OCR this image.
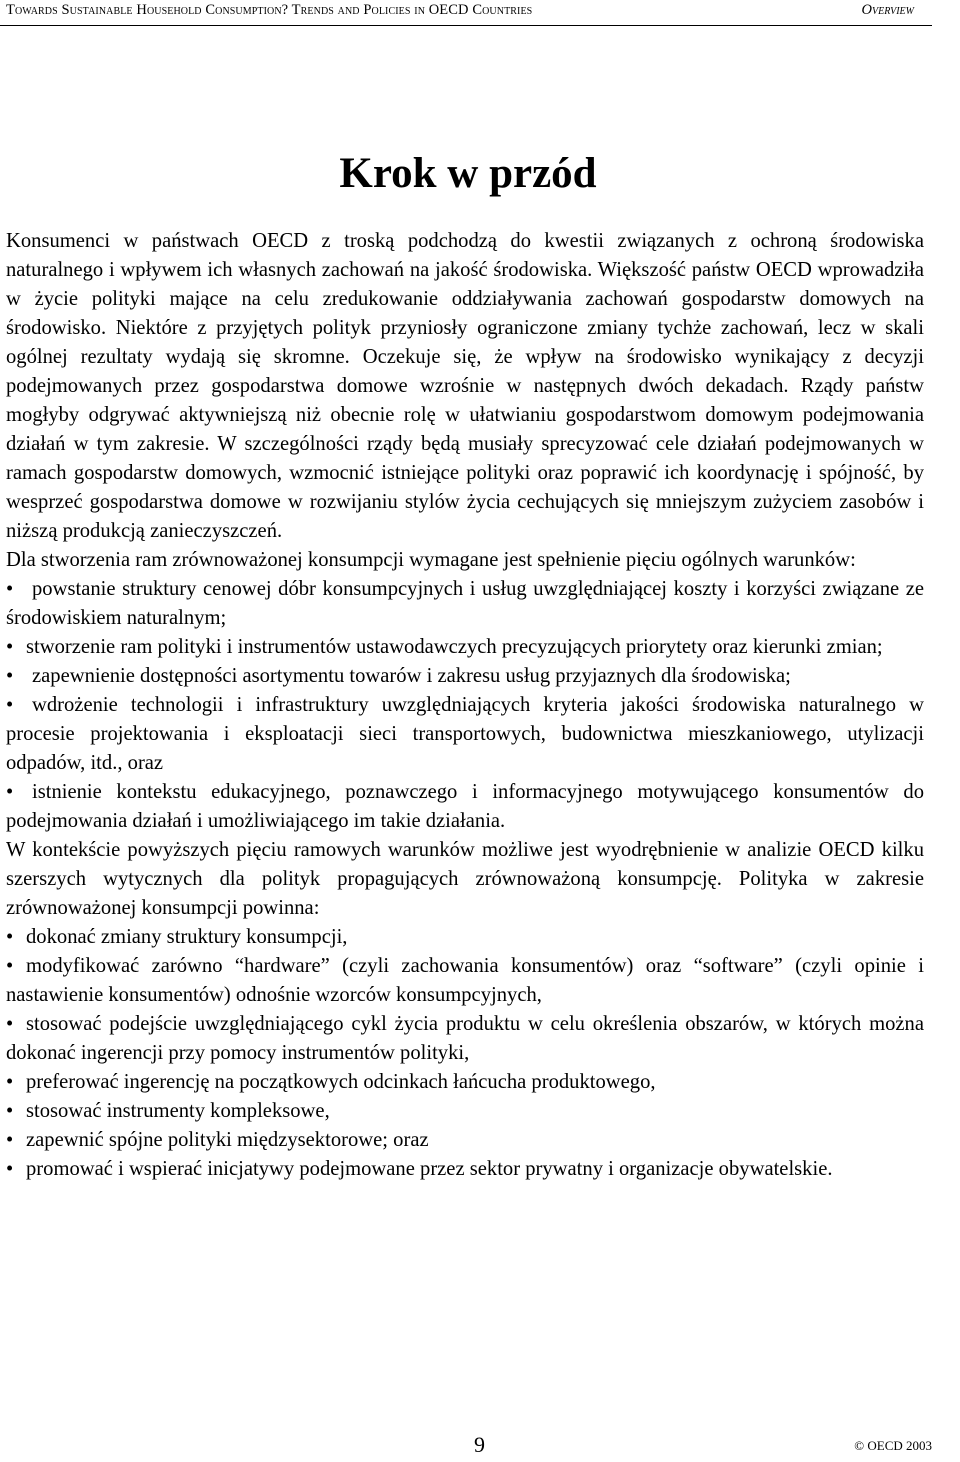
Towards Sustainable Household Consumption? Trends and Policies in OECD Countries	Overview
Krok w przód

Konsumenci w państwach OECD z troską podchodzą do kwestii związanych z ochroną środowiska naturalnego i wpływem ich własnych zachowań na jakość środowiska. Większość państw OECD wprowadziła w życie polityki mające na celu zredukowanie oddziaływania zachowań gospodarstw domowych na środowisko. Niektóre z przyjętych polityk przyniosły ograniczone zmiany tychże zachowań, lecz w skali ogólnej rezultaty wydają się skromne. Oczekuje się, że wpływ na środowisko wynikający z decyzji podejmowanych przez gospodarstwa domowe wzrośnie w następnych dwóch dekadach. Rządy państw mogłyby odgrywać aktywniejszą niż obecnie rolę w ułatwianiu gospodarstwom domowym podejmowania działań w tym zakresie. W szczególności rządy będą musiały sprecyzować cele działań podejmowanych w ramach gospodarstw domowych, wzmocnić istniejące polityki oraz poprawić ich koordynację i spójność, by wesprzeć gospodarstwa domowe w rozwijaniu stylów życia cechujących się mniejszym zużyciem zasobów i niższą produkcją zanieczyszczeń.

Dla stworzenia ram zrównoważonej konsumpcji wymagane jest spełnienie pięciu ogólnych warunków:

• powstanie struktury cenowej dóbr konsumpcyjnych i usług uwzględniającej koszty i korzyści związane ze środowiskiem naturalnym;
• stworzenie ram polityki i instrumentów ustawodawczych precyzujących priorytety oraz kierunki zmian;
• zapewnienie dostępności asortymentu towarów i zakresu usług przyjaznych dla środowiska;
• wdrożenie technologii i infrastruktury uwzględniających kryteria jakości środowiska naturalnego w procesie projektowania i eksploatacji sieci transportowych, budownictwa mieszkaniowego, utylizacji odpadów, itd., oraz
• istnienie kontekstu edukacyjnego, poznawczego i informacyjnego motywującego konsumentów do podejmowania działań i umożliwiającego im takie działania.

W kontekście powyższych pięciu ramowych warunków możliwe jest wyodrębnienie w analizie OECD kilku szerszych wytycznych dla polityk propagujących zrównoważoną konsumpcję. Polityka w zakresie zrównoważonej konsumpcji powinna:

• dokonać zmiany struktury konsumpcji,
• modyfikować zarówno “hardware” (czyli zachowania konsumentów) oraz “software” (czyli opinie i nastawienie konsumentów) odnośnie wzorców konsumpcyjnych,
• stosować podejście uwzględniającego cykl życia produktu w celu określenia obszarów, w których można dokonać ingerencji przy pomocy instrumentów polityki,
• preferować ingerencję na początkowych odcinkach łańcucha produktowego,
• stosować instrumenty kompleksowe,
• zapewnić spójne polityki międzysektorowe; oraz
• promować i wspierać inicjatywy podejmowane przez sektor prywatny i organizacje obywatelskie.
9	© OECD 2003
